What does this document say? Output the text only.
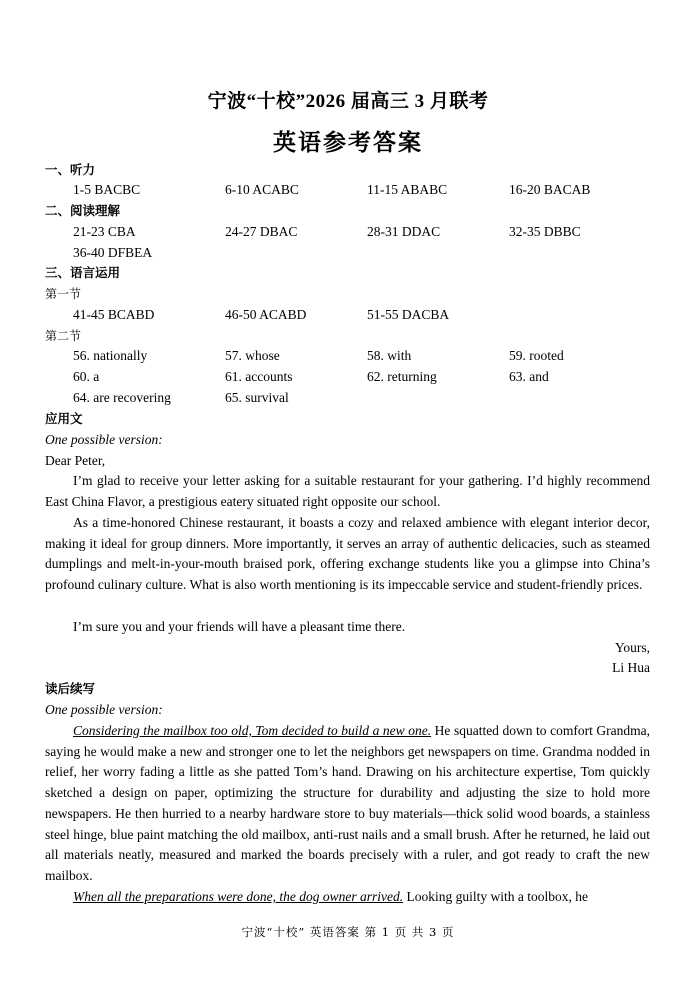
宁波“十校”2026 届高三 3 月联考
英语参考答案
一、听力
1-5 BACBC	6-10 ACABC	11-15 ABABC	16-20 BACAB
二、阅读理解
21-23 CBA	24-27 DBAC	28-31 DDAC	32-35 DBBC
36-40 DFBEA
三、语言运用
第一节
41-45 BCABD	46-50 ACABD	51-55 DACBA
第二节
56. nationally	57. whose	58. with	59. rooted
60. a	61. accounts	62. returning	63. and
64. are recovering	65. survival
应用文
One possible version:
Dear Peter,

I’m glad to receive your letter asking for a suitable restaurant for your gathering. I’d highly recommend East China Flavor, a prestigious eatery situated right opposite our school.

As a time-honored Chinese restaurant, it boasts a cozy and relaxed ambience with elegant interior decor, making it ideal for group dinners. More importantly, it serves an array of authentic delicacies, such as steamed dumplings and melt-in-your-mouth braised pork, offering exchange students like you a glimpse into China’s profound culinary culture. What is also worth mentioning is its impeccable service and student-friendly prices.

I’m sure you and your friends will have a pleasant time there.

Yours,
Li Hua
读后续写
One possible version:

Considering the mailbox too old, Tom decided to build a new one. He squatted down to comfort Grandma, saying he would make a new and stronger one to let the neighbors get newspapers on time. Grandma nodded in relief, her worry fading a little as she patted Tom’s hand. Drawing on his architecture expertise, Tom quickly sketched a design on paper, optimizing the structure for durability and adjusting the size to hold more newspapers. He then hurried to a nearby hardware store to buy materials—thick solid wood boards, a stainless steel hinge, blue paint matching the old mailbox, anti-rust nails and a small brush. After he returned, he laid out all materials neatly, measured and marked the boards precisely with a ruler, and got ready to craft the new mailbox.

When all the preparations were done, the dog owner arrived. Looking guilty with a toolbox, he

宁波“十校” 英语答案 第 1 页 共 3 页
